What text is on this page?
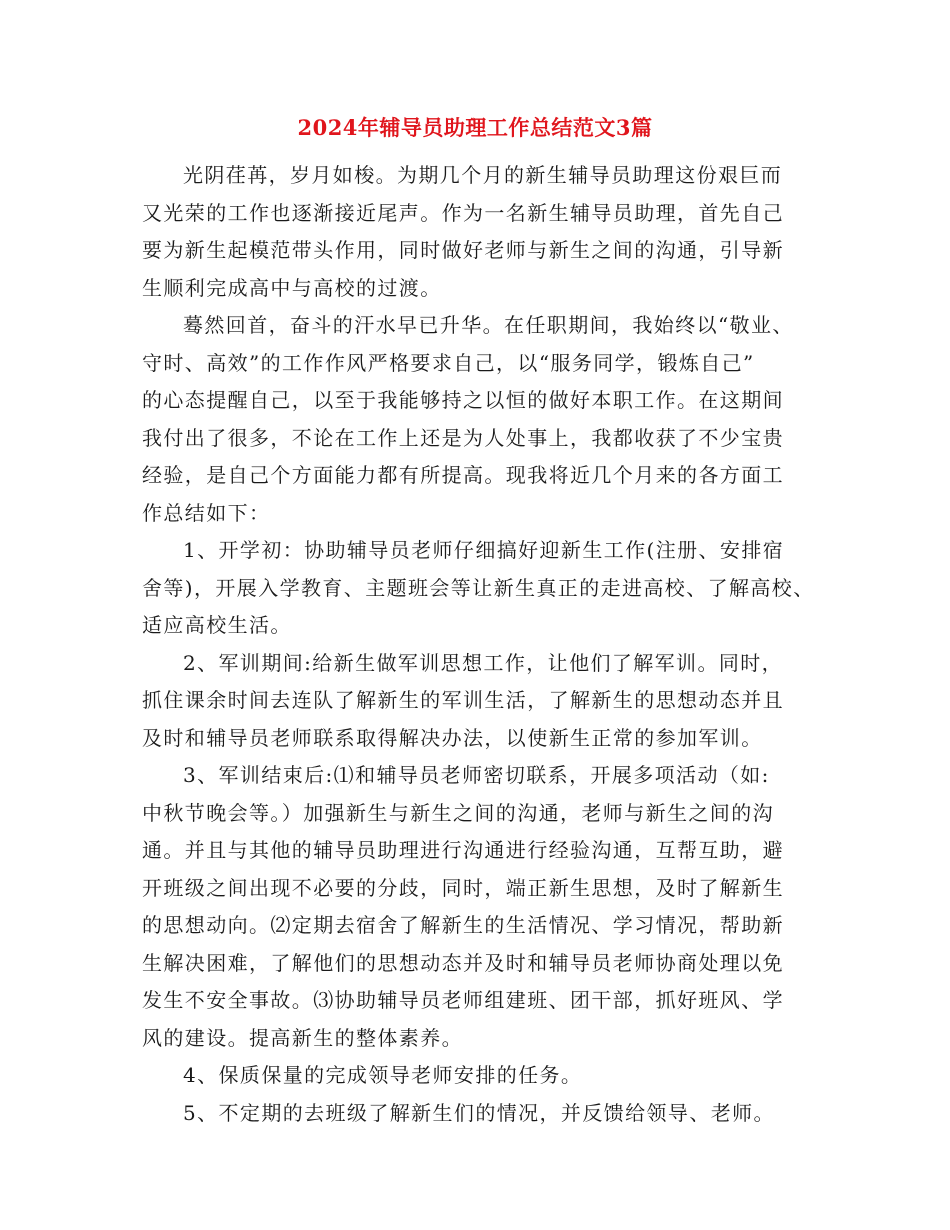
2024年辅导员助理工作总结范文3篇
光阴荏苒，岁月如梭。为期几个月的新生辅导员助理这份艰巨而
又光荣的工作也逐渐接近尾声。作为一名新生辅导员助理，首先自己
要为新生起模范带头作用，同时做好老师与新生之间的沟通，引导新
生顺利完成高中与高校的过渡。
蓦然回首，奋斗的汗水早已升华。在任职期间，我始终以“敬业、
守时、高效”的工作作风严格要求自己，以“服务同学，锻炼自己”
的心态提醒自己，以至于我能够持之以恒的做好本职工作。在这期间
我付出了很多，不论在工作上还是为人处事上，我都收获了不少宝贵
经验，是自己个方面能力都有所提高。现我将近几个月来的各方面工
作总结如下：
1、开学初：协助辅导员老师仔细搞好迎新生工作(注册、安排宿
舍等)，开展入学教育、主题班会等让新生真正的走进高校、了解高校、
适应高校生活。
2、军训期间:给新生做军训思想工作，让他们了解军训。同时，
抓住课余时间去连队了解新生的军训生活，了解新生的思想动态并且
及时和辅导员老师联系取得解决办法，以使新生正常的参加军训。
3、军训结束后:⑴和辅导员老师密切联系，开展多项活动（如:
中秋节晚会等。）加强新生与新生之间的沟通，老师与新生之间的沟
通。并且与其他的辅导员助理进行沟通进行经验沟通，互帮互助，避
开班级之间出现不必要的分歧，同时，端正新生思想，及时了解新生
的思想动向。⑵定期去宿舍了解新生的生活情况、学习情况，帮助新
生解决困难，了解他们的思想动态并及时和辅导员老师协商处理以免
发生不安全事故。⑶协助辅导员老师组建班、团干部，抓好班风、学
风的建设。提高新生的整体素养。
4、保质保量的完成领导老师安排的任务。
5、不定期的去班级了解新生们的情况，并反馈给领导、老师。
